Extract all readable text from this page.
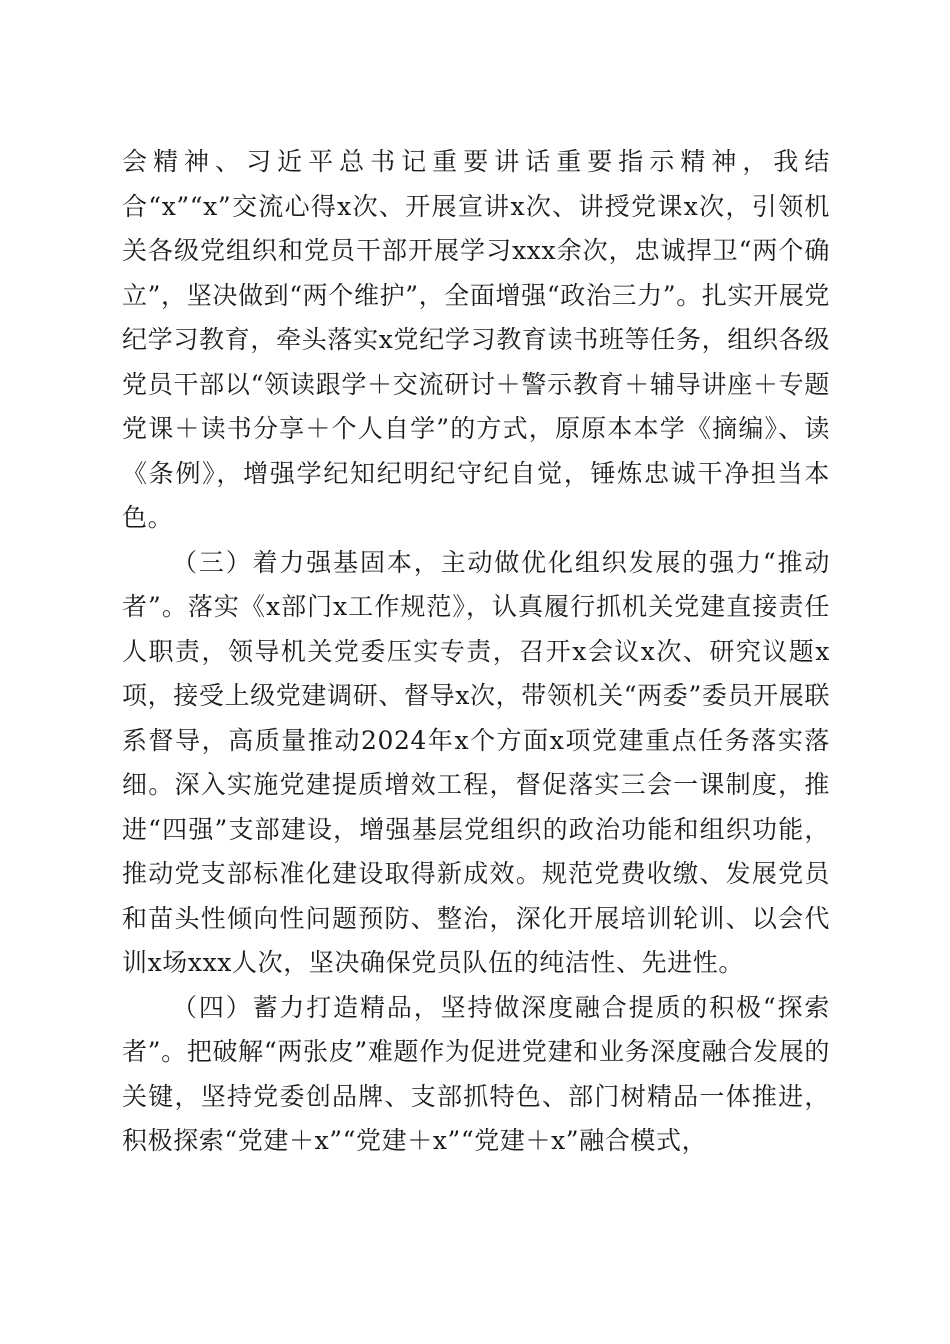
会精神、习近平总书记重要讲话重要指示精神，我结合“x”“x”交流心得x次、开展宣讲x次、讲授党课x次，引领机关各级党组织和党员干部开展学习xxx余次，忠诚捍卫“两个确立”，坚决做到“两个维护”，全面增强“政治三力”。扎实开展党纪学习教育，牵头落实x党纪学习教育读书班等任务，组织各级党员干部以“领读跟学＋交流研讨＋警示教育＋辅导讲座＋专题党课＋读书分享＋个人自学”的方式，原原本本学《摘编》、读《条例》，增强学纪知纪明纪守纪自觉，锤炼忠诚干净担当本色。

（三）着力强基固本，主动做优化组织发展的强力“推动者”。落实《x部门x工作规范》，认真履行抓机关党建直接责任人职责，领导机关党委压实专责，召开x会议x次、研究议题x项，接受上级党建调研、督导x次，带领机关“两委”委员开展联系督导，高质量推动2024年x个方面x项党建重点任务落实落细。深入实施党建提质增效工程，督促落实三会一课制度，推进“四强”支部建设，增强基层党组织的政治功能和组织功能，推动党支部标准化建设取得新成效。规范党费收缴、发展党员和苗头性倾向性问题预防、整治，深化开展培训轮训、以会代训x场xxx人次，坚决确保党员队伍的纯洁性、先进性。

（四）蓄力打造精品，坚持做深度融合提质的积极“探索者”。把破解“两张皮”难题作为促进党建和业务深度融合发展的关键，坚持党委创品牌、支部抓特色、部门树精品一体推进，积极探索“党建＋x”“党建＋x”“党建＋x”融合模式，
